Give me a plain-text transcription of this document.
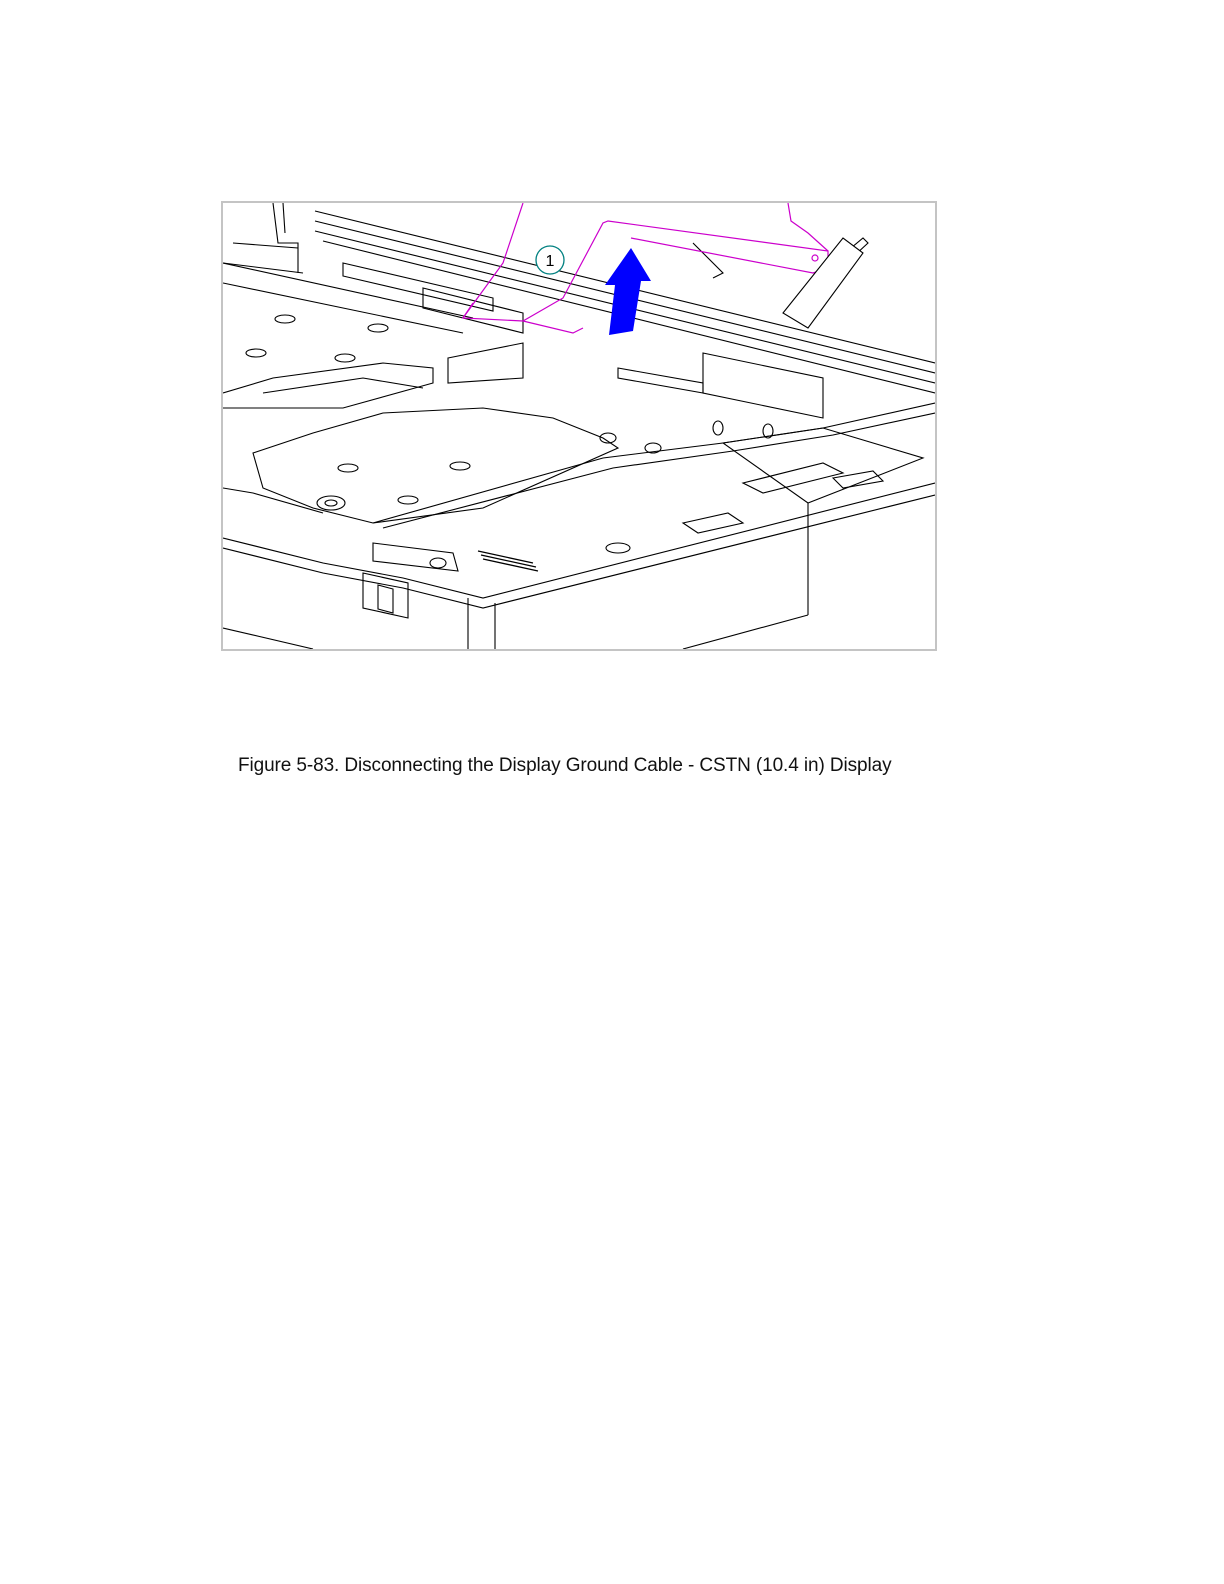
1
Figure 5-83. Disconnecting the Display Ground Cable - CSTN (10.4 in) Display
